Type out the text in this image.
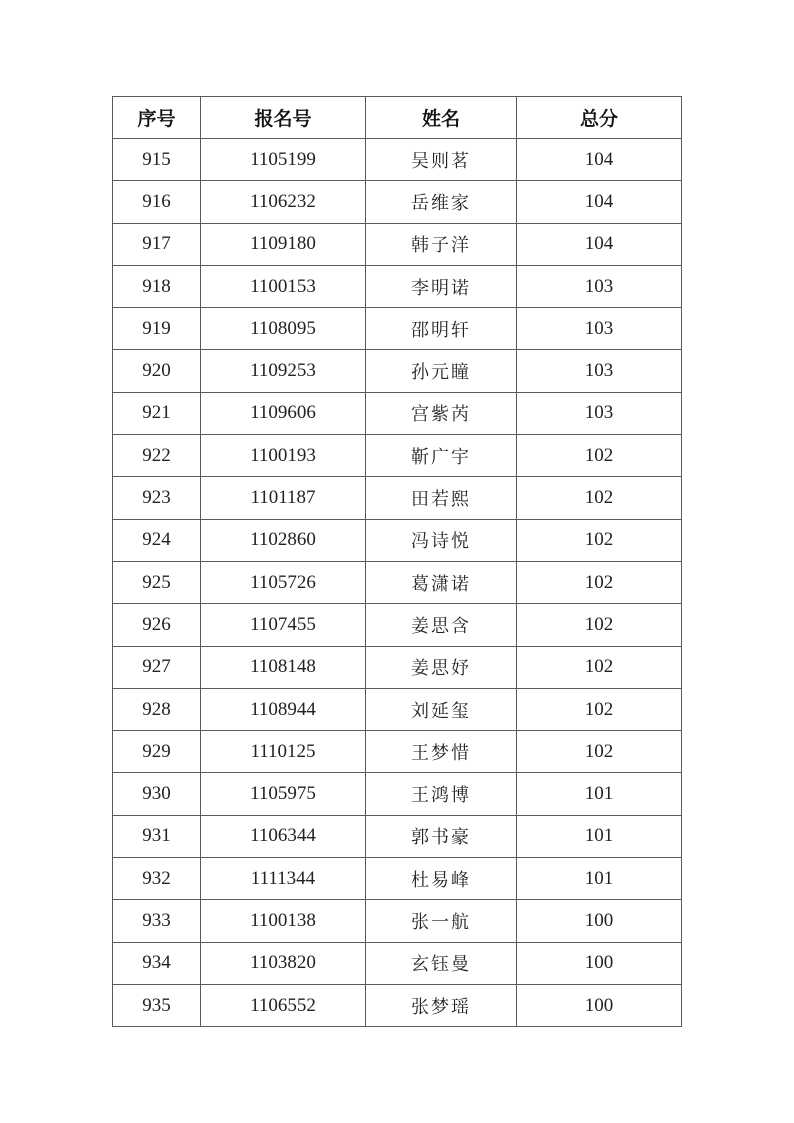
序号	报名号	姓名	总分
915	1105199	吴则茗	104
916	1106232	岳维家	104
917	1109180	韩子洋	104
918	1100153	李明诺	103
919	1108095	邵明轩	103
920	1109253	孙元瞳	103
921	1109606	宫紫芮	103
922	1100193	靳广宇	102
923	1101187	田若熙	102
924	1102860	冯诗悦	102
925	1105726	葛潇诺	102
926	1107455	姜思含	102
927	1108148	姜思妤	102
928	1108944	刘延玺	102
929	1110125	王梦惜	102
930	1105975	王鸿博	101
931	1106344	郭书豪	101
932	1111344	杜易峰	101
933	1100138	张一航	100
934	1103820	玄钰曼	100
935	1106552	张梦瑶	100
